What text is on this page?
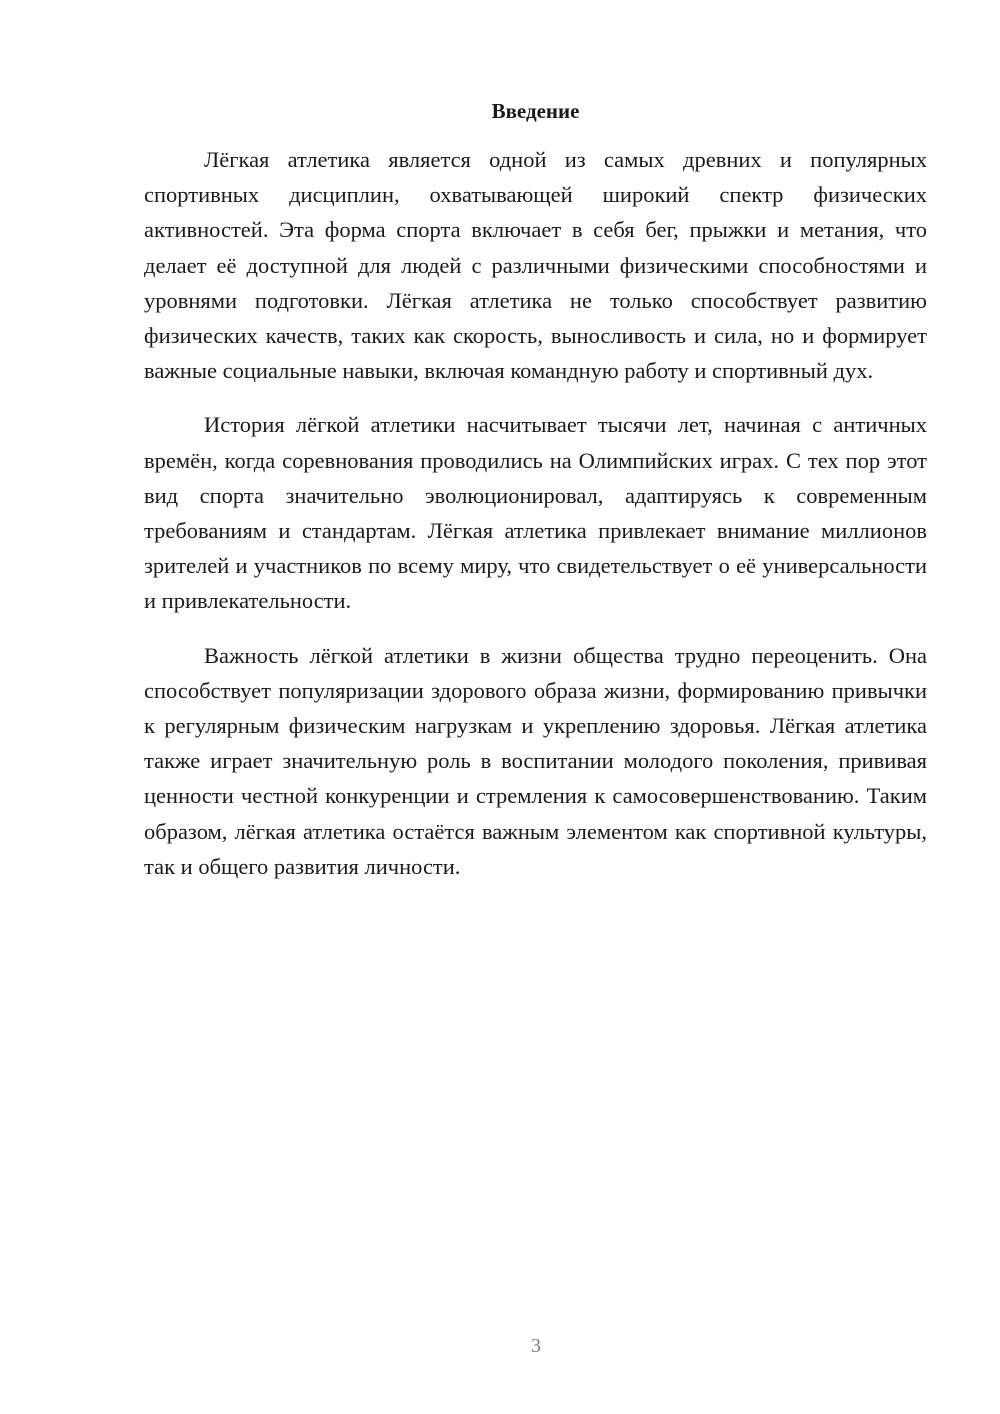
Введение

Лёгкая атлетика является одной из самых древних и популярных спортивных дисциплин, охватывающей широкий спектр физических активностей. Эта форма спорта включает в себя бег, прыжки и метания, что делает её доступной для людей с различными физическими способностями и уровнями подготовки. Лёгкая атлетика не только способствует развитию физических качеств, таких как скорость, выносливость и сила, но и формирует важные социальные навыки, включая командную работу и спортивный дух.

История лёгкой атлетики насчитывает тысячи лет, начиная с античных времён, когда соревнования проводились на Олимпийских играх. С тех пор этот вид спорта значительно эволюционировал, адаптируясь к современным требованиям и стандартам. Лёгкая атлетика привлекает внимание миллионов зрителей и участников по всему миру, что свидетельствует о её универсальности и привлекательности.

Важность лёгкой атлетики в жизни общества трудно переоценить. Она способствует популяризации здорового образа жизни, формированию привычки к регулярным физическим нагрузкам и укреплению здоровья. Лёгкая атлетика также играет значительную роль в воспитании молодого поколения, прививая ценности честной конкуренции и стремления к самосовершенствованию. Таким образом, лёгкая атлетика остаётся важным элементом как спортивной культуры, так и общего развития личности.

3
